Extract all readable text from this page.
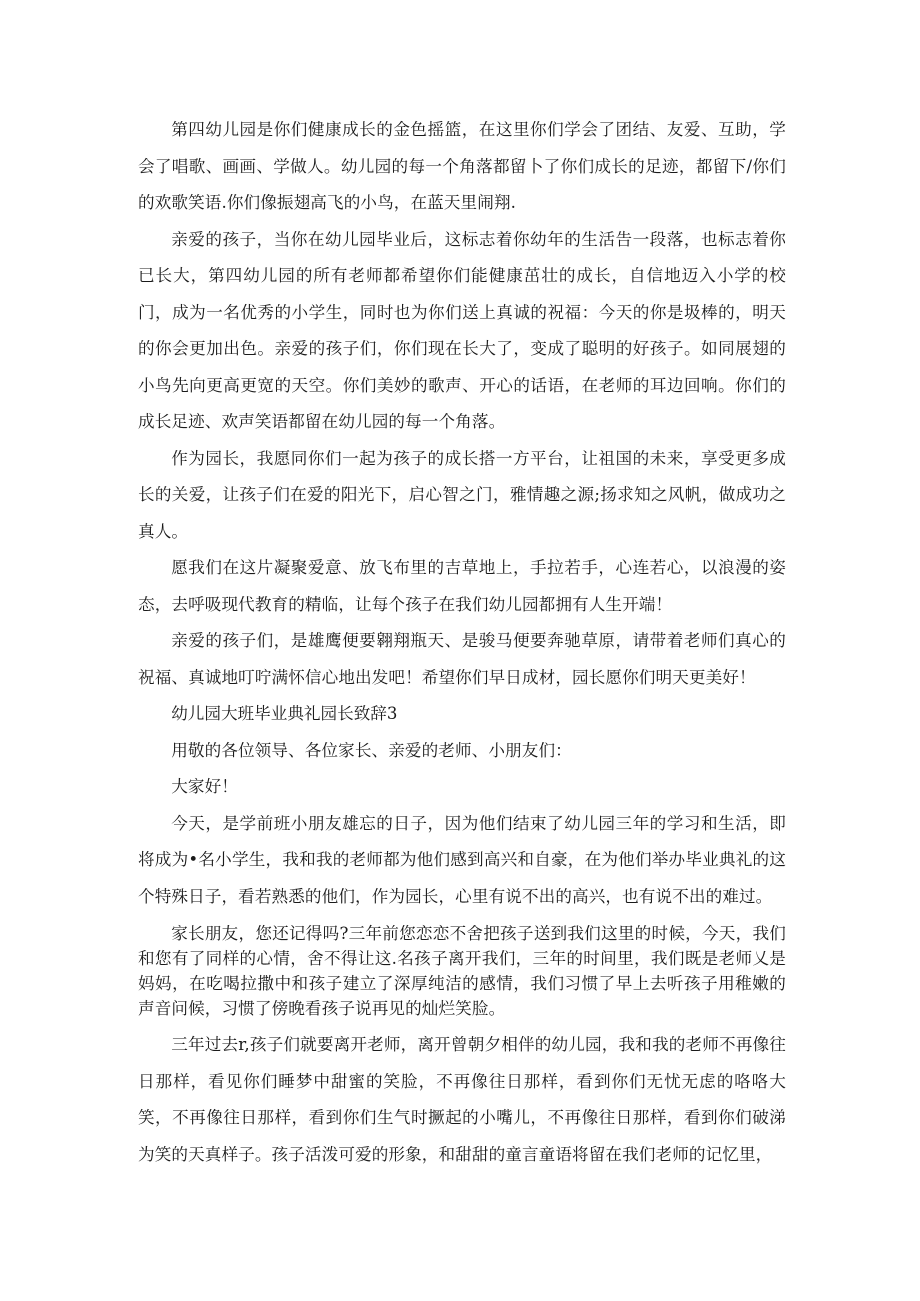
第四幼儿园是你们健康成长的金色摇篮，在这里你们学会了团结、友爱、互助，学会了唱歌、画画、学做人。幼儿园的每一个角落都留卜了你们成长的足迹，都留下/你们的欢歌笑语.你们像振翅高飞的小鸟，在蓝天里闹翔.

亲爱的孩子，当你在幼儿园毕业后，这标志着你幼年的生活告一段落，也标志着你已长大，第四幼儿园的所有老师都希望你们能健康茁壮的成长，自信地迈入小学的校门，成为一名优秀的小学生，同时也为你们送上真诚的祝福：今天的你是圾棒的，明天的你会更加出色。亲爱的孩子们，你们现在长大了，变成了聪明的好孩子。如同展翅的小鸟先向更高更宽的天空。你们美妙的歌声、开心的话语，在老师的耳边回响。你们的成长足迹、欢声笑语都留在幼儿园的每一个角落。

作为园长，我愿同你们一起为孩子的成长搭一方平台，让祖国的未来，享受更多成长的关爱，让孩子们在爱的阳光下，启心智之门，雅情趣之源;扬求知之风帆，做成功之真人。

愿我们在这片凝聚爱意、放飞布里的吉草地上，手拉若手，心连若心，以浪漫的姿态，去呼吸现代教育的精临，让每个孩子在我们幼儿园都拥有人生开端！

亲爱的孩子们，是雄鹰便要翱翔瓶天、是骏马便要奔驰草原，请带着老师们真心的祝福、真诚地叮咛满怀信心地出发吧！希望你们早日成材，园长愿你们明天更美好！

幼儿园大班毕业典礼园长致辞3

用敬的各位领导、各位家长、亲爱的老师、小朋友们：

大家好！

今天，是学前班小朋友雄忘的日子，因为他们结束了幼儿园三年的学习和生活，即将成为•名小学生，我和我的老师都为他们感到高兴和自豪，在为他们举办毕业典礼的这个特殊日子，看若熟悉的他们，作为园长，心里有说不出的高兴，也有说不出的难过。

家长朋友，您还记得吗?三年前您恋恋不舍把孩子送到我们这里的时候，今天，我们和您有了同样的心情，舍不得让这.名孩子离开我们，三年的时间里，我们既是老师乂是妈妈，在吃喝拉撒中和孩子建立了深厚纯洁的感情，我们习惯了早上去听孩子用稚嫩的声音问候，习惯了傍晚看孩子说再见的灿烂笑脸。

三年过去r,孩子们就要离开老师，离开曾朝夕相伴的幼儿园，我和我的老师不再像往日那样，看见你们睡梦中甜蜜的笑脸，不再像往日那样，看到你们无忧无虑的咯咯大笑，不再像往日那样，看到你们生气时撅起的小嘴儿，不再像往日那样，看到你们破涕为笑的天真样子。孩子活泼可爱的形象，和甜甜的童言童语将留在我们老师的记忆里，
